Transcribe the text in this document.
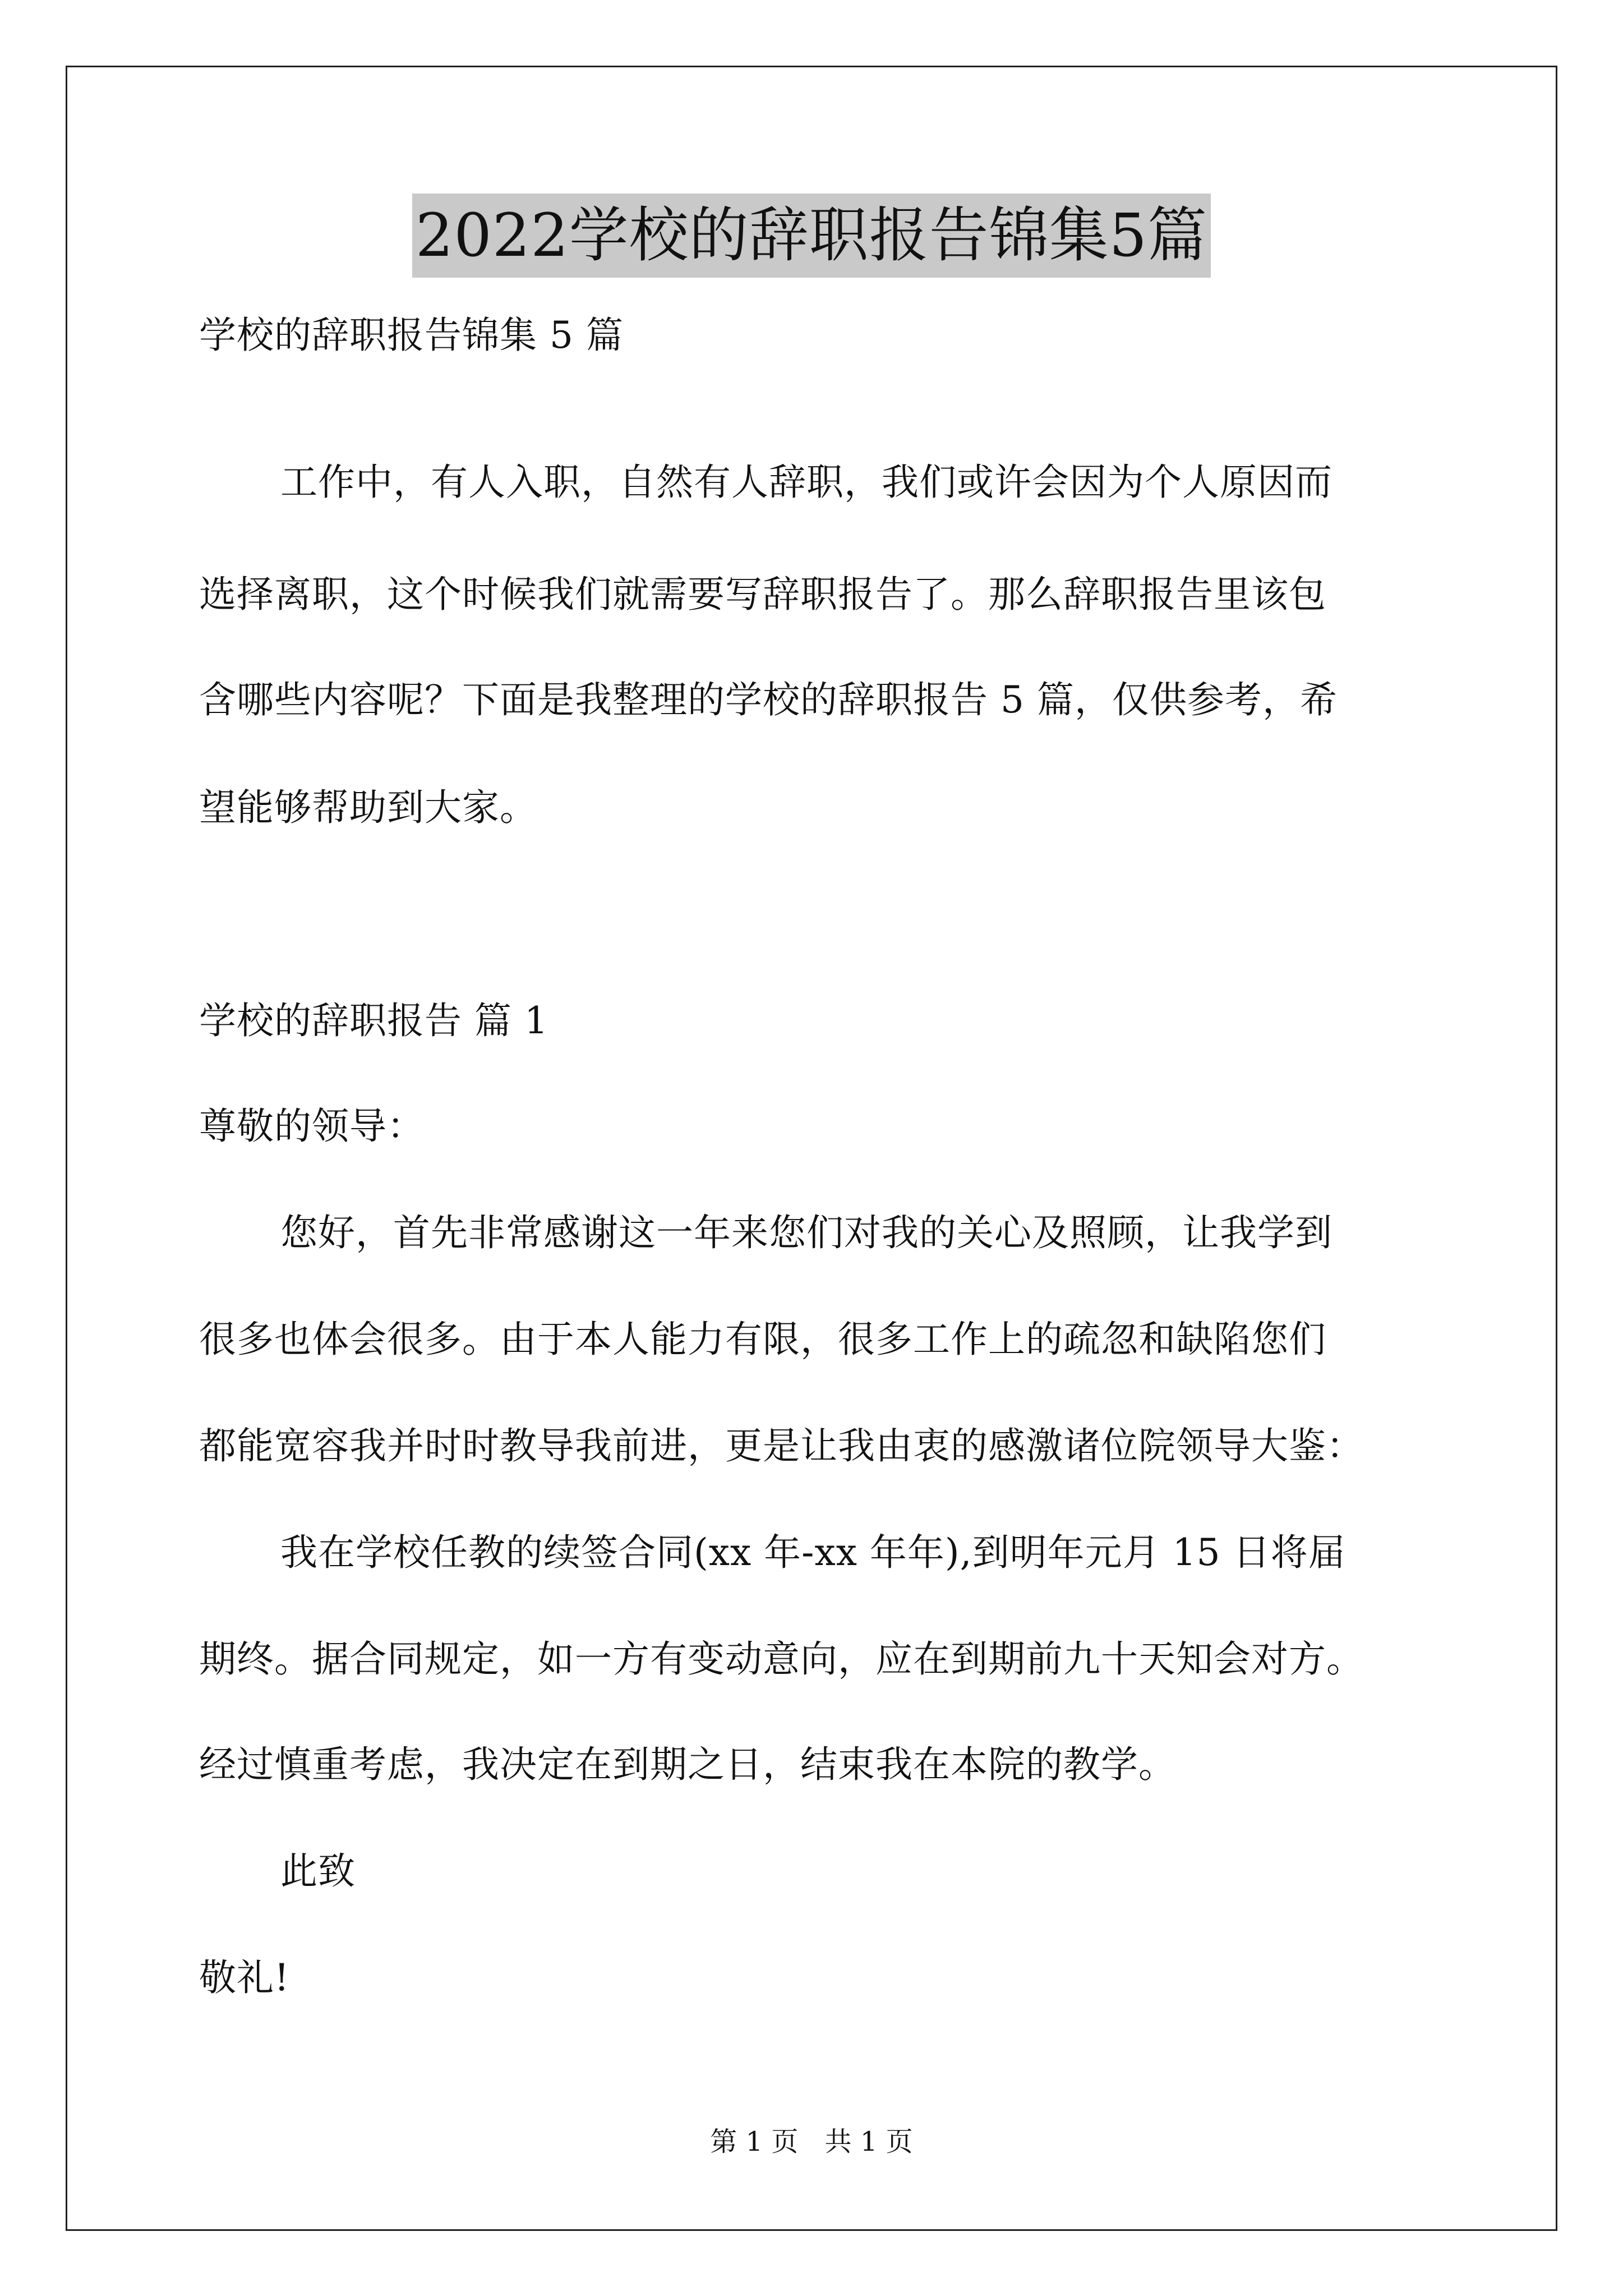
2022学校的辞职报告锦集5篇
学校的辞职报告锦集 5 篇
工作中，有人入职，自然有人辞职，我们或许会因为个人原因而
选择离职，这个时候我们就需要写辞职报告了。那么辞职报告里该包
含哪些内容呢？下面是我整理的学校的辞职报告 5 篇，仅供参考，希
望能够帮助到大家。
学校的辞职报告 篇 1
尊敬的领导：
您好，首先非常感谢这一年来您们对我的关心及照顾，让我学到
很多也体会很多。由于本人能力有限，很多工作上的疏忽和缺陷您们
都能宽容我并时时教导我前进，更是让我由衷的感激诸位院领导大鉴：
我在学校任教的续签合同(xx 年-xx 年年),到明年元月 15 日将届
期终。据合同规定，如一方有变动意向，应在到期前九十天知会对方。
经过慎重考虑，我决定在到期之日，结束我在本院的教学。
此致
敬礼!
第 1 页 共 1 页
